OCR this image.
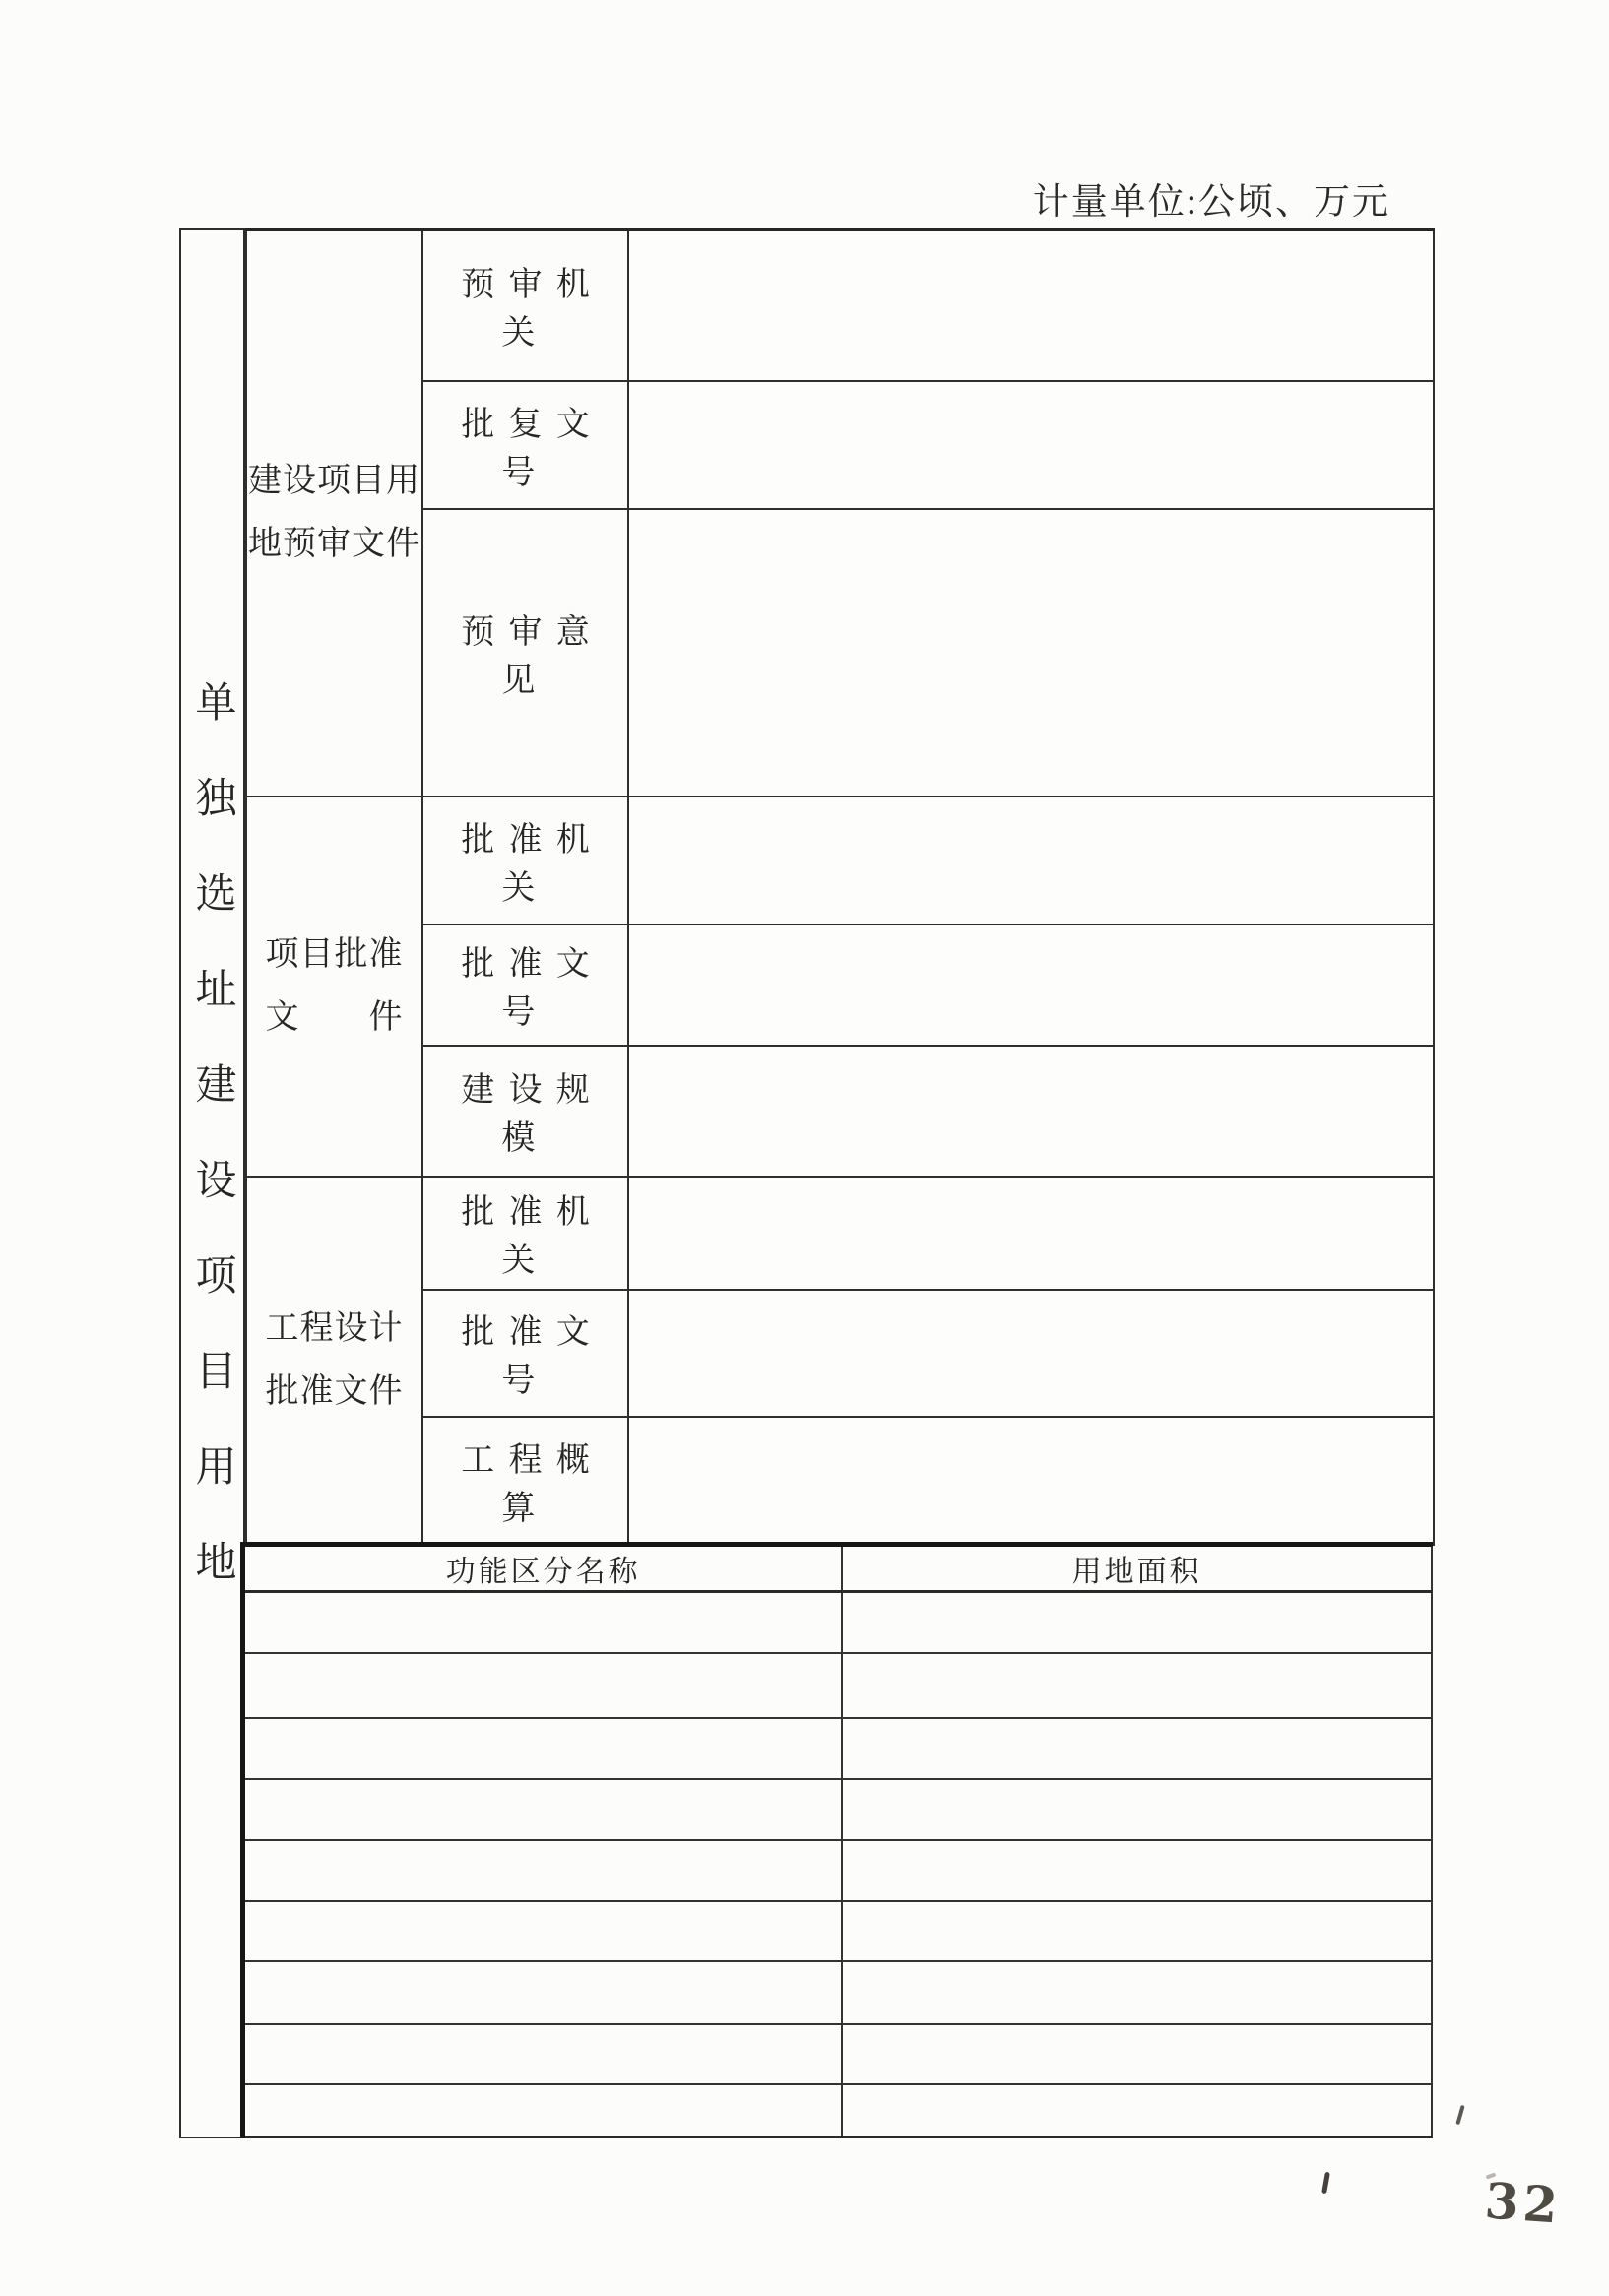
计量单位:公顷、万元
单独选址建设项目用地
建设项目用
地预审文件	预审机关	
	批复文号	
	预审意见	

项目批准
文　　件	批准机关	
	批准文号	
	建设规模	

工程设计
批准文件	批准机关	
	批准文号	
	工程概算	
功能区分名称	用地面积

32
